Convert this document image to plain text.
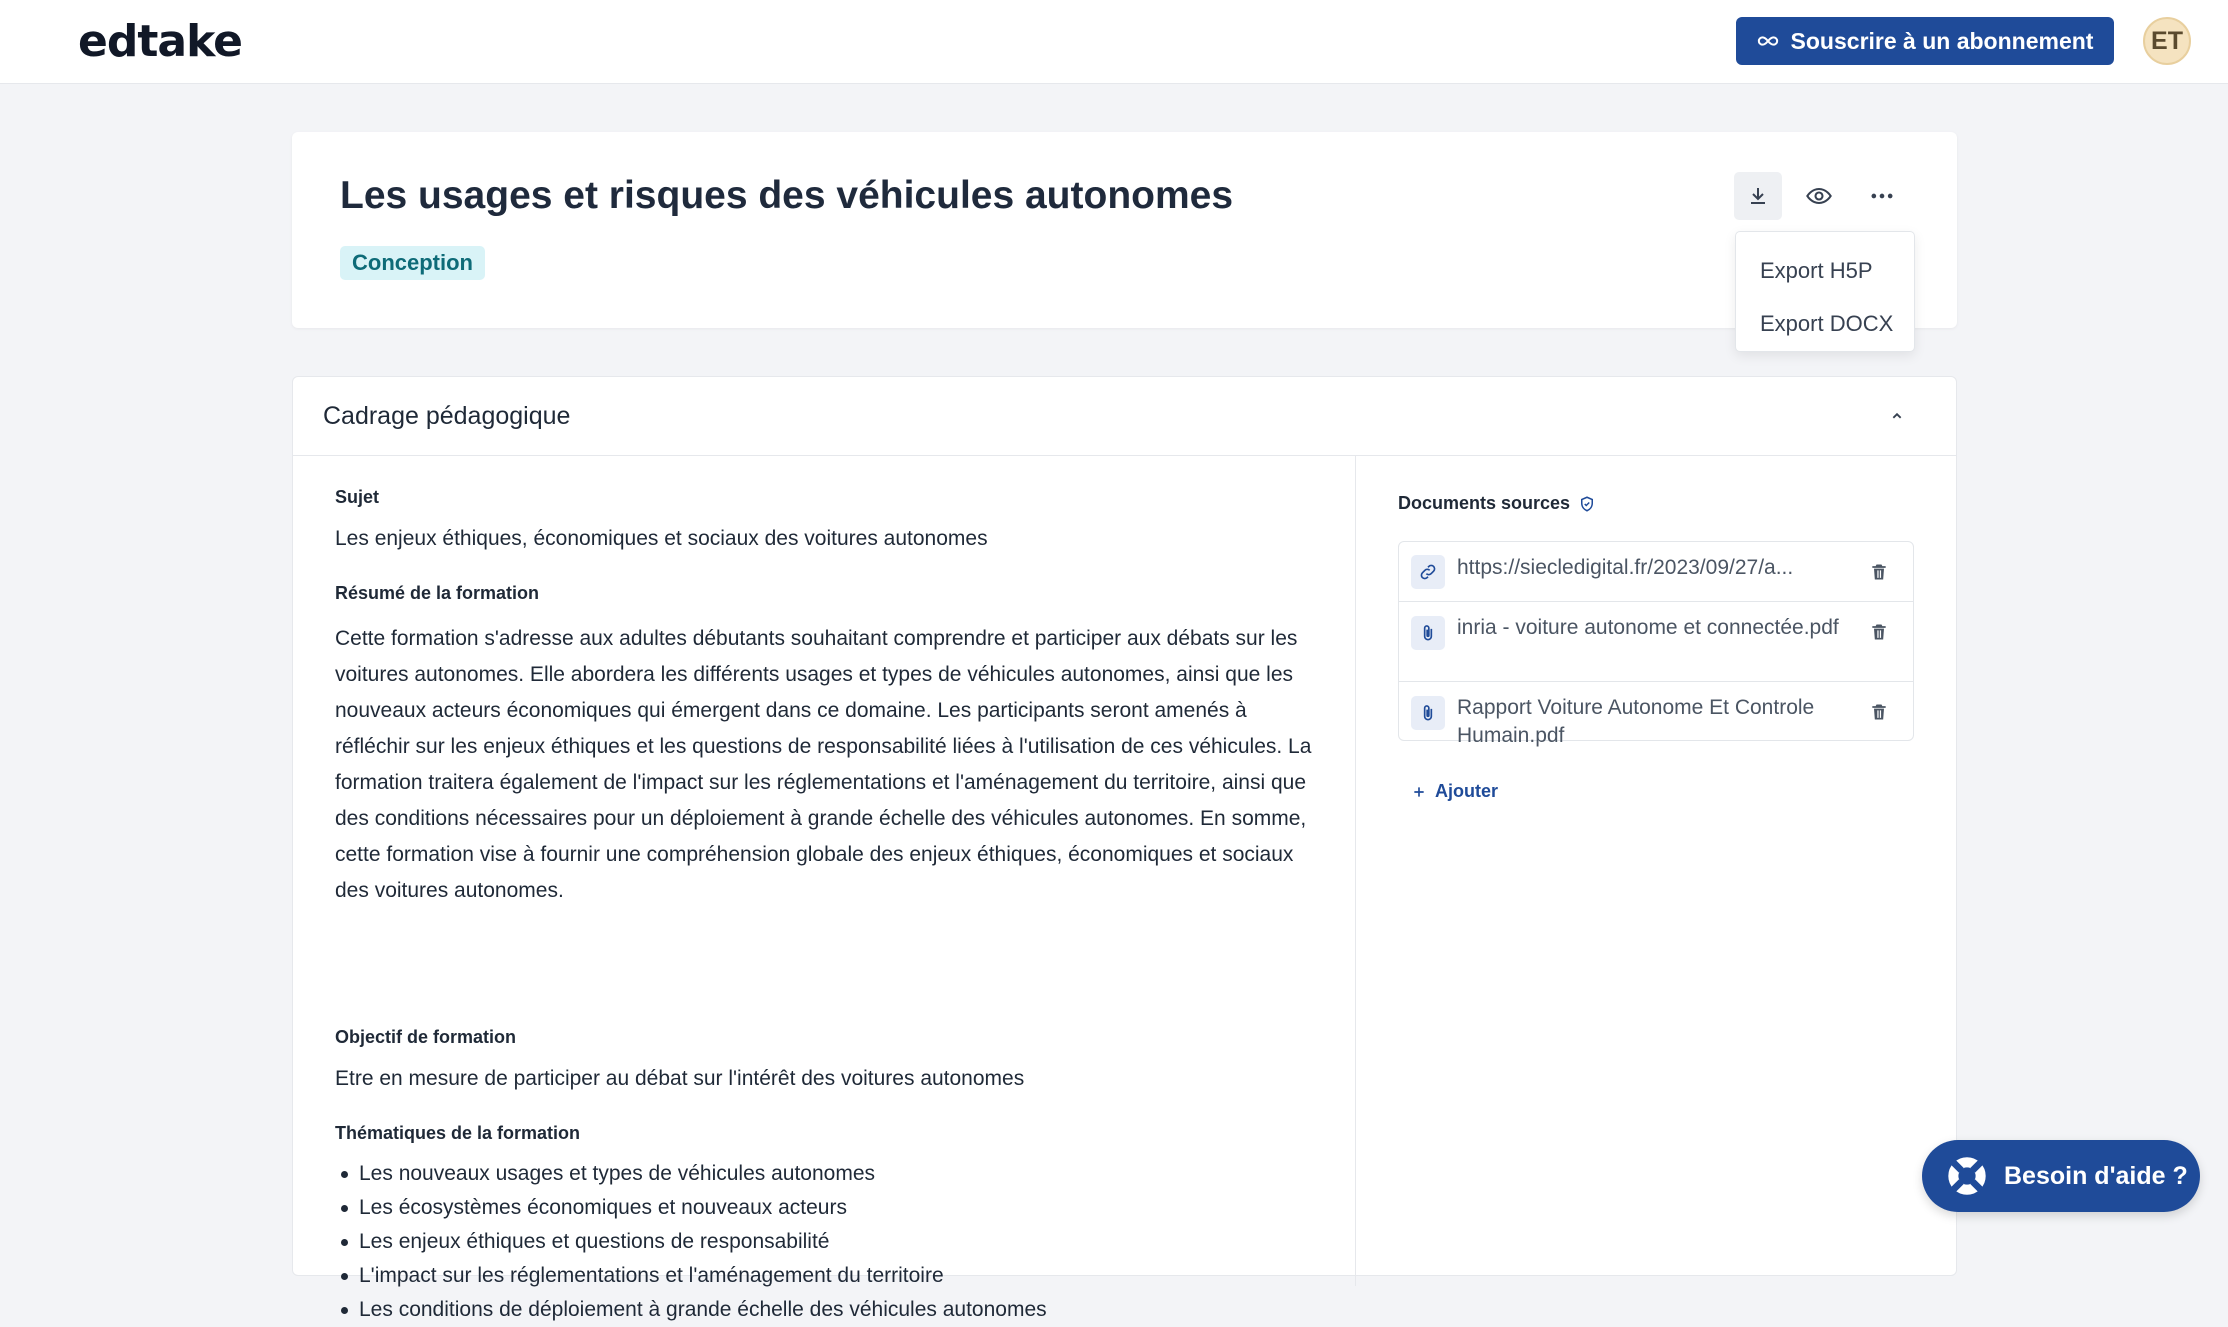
edtake	Souscrire à un abonnement	ET
Les usages et risques des véhicules autonomes
Conception	Export H5P
Export DOCX
Cadrage pédagogique
Sujet
Les enjeux éthiques, économiques et sociaux des voitures autonomes
Résumé de la formation
Cette formation s'adresse aux adultes débutants souhaitant comprendre et participer aux débats sur les voitures autonomes. Elle abordera les différents usages et types de véhicules autonomes, ainsi que les nouveaux acteurs économiques qui émergent dans ce domaine. Les participants seront amenés à réfléchir sur les enjeux éthiques et les questions de responsabilité liées à l'utilisation de ces véhicules. La formation traitera également de l'impact sur les réglementations et l'aménagement du territoire, ainsi que des conditions nécessaires pour un déploiement à grande échelle des véhicules autonomes. En somme, cette formation vise à fournir une compréhension globale des enjeux éthiques, économiques et sociaux des voitures autonomes.
Objectif de formation
Etre en mesure de participer au débat sur l'intérêt des voitures autonomes
Thématiques de la formation
Les nouveaux usages et types de véhicules autonomes
Les écosystèmes économiques et nouveaux acteurs
Les enjeux éthiques et questions de responsabilité
L'impact sur les réglementations et l'aménagement du territoire
Les conditions de déploiement à grande échelle des véhicules autonomes
Documents sources
https://siecledigital.fr/2023/09/27/a...
inria - voiture autonome et connectée.pdf
Rapport Voiture Autonome Et Controle Humain.pdf
Ajouter
Besoin d'aide ?
